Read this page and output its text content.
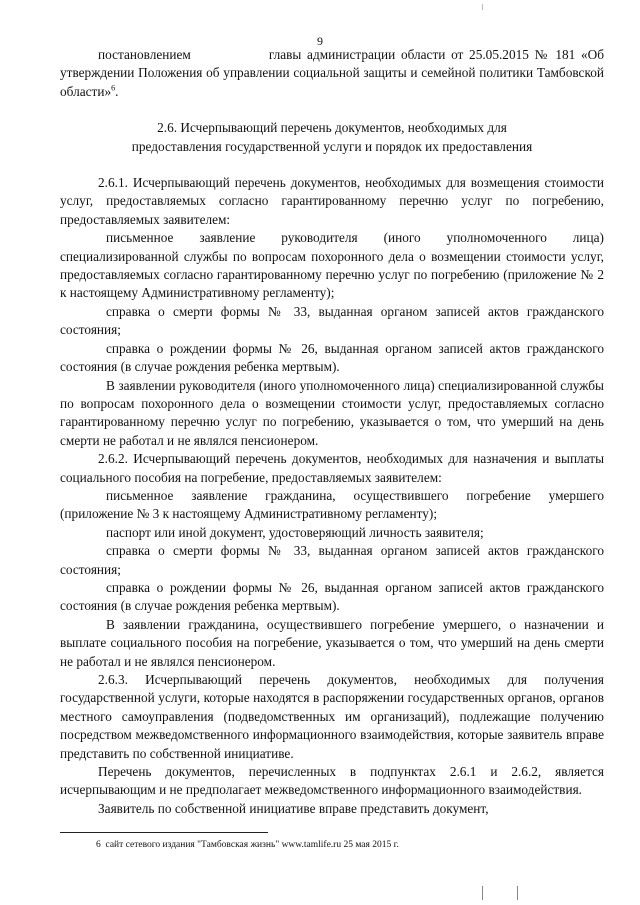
9

постановлением	главы администрации области от 25.05.2015 № 181 «Об утверждении Положения об управлении социальной защиты и семейной политики Тамбовской области»$^6$.

2.6. Исчерпывающий перечень документов, необходимых для

предоставления государственной услуги и порядок их предоставления

2.6.1. Исчерпывающий перечень документов, необходимых для возмещения стоимости услуг, предоставляемых согласно гарантированному перечню услуг по погребению, предоставляемых заявителем:

письменное заявление руководителя (иного уполномоченного лица) специализированной службы по вопросам похоронного дела о возмещении стоимости услуг, предоставляемых согласно гарантированному перечню услуг по погребению (приложение № 2 к настоящему Административному регламенту);

справка о смерти формы № 33, выданная органом записей актов гражданского состояния;

справка о рождении формы № 26, выданная органом записей актов гражданского состояния (в случае рождения ребенка мертвым).

В заявлении руководителя (иного уполномоченного лица) специализированной службы по вопросам похоронного дела о возмещении стоимости услуг, предоставляемых согласно гарантированному перечню услуг по погребению, указывается о том, что умерший на день смерти не работал и не являлся пенсионером.

2.6.2. Исчерпывающий перечень документов, необходимых для назначения и выплаты социального пособия на погребение, предоставляемых заявителем:

письменное заявление гражданина, осуществившего погребение умершего (приложение № 3 к настоящему Административному регламенту);

паспорт или иной документ, удостоверяющий личность заявителя;

справка о смерти формы № 33, выданная органом записей актов гражданского состояния;

справка о рождении формы № 26, выданная органом записей актов гражданского состояния (в случае рождения ребенка мертвым).

В заявлении гражданина, осуществившего погребение умершего, о назначении и выплате социального пособия на погребение, указывается о том, что умерший на день смерти не работал и не являлся пенсионером.

2.6.3. Исчерпывающий перечень документов, необходимых для получения государственной услуги, которые находятся в распоряжении государственных органов, органов местного самоуправления (подведомственных им организаций), подлежащие получению посредством межведомственного информационного взаимодействия, которые заявитель вправе представить по собственной инициативе.

Перечень документов, перечисленных в подпунктах 2.6.1 и 2.6.2, является исчерпывающим и не предполагает межведомственного информационного взаимодействия.

Заявитель по собственной инициативе вправе представить документ,

6 сайт сетевого издания "Тамбовская жизнь" www.tamlife.ru 25 мая 2015 г.
